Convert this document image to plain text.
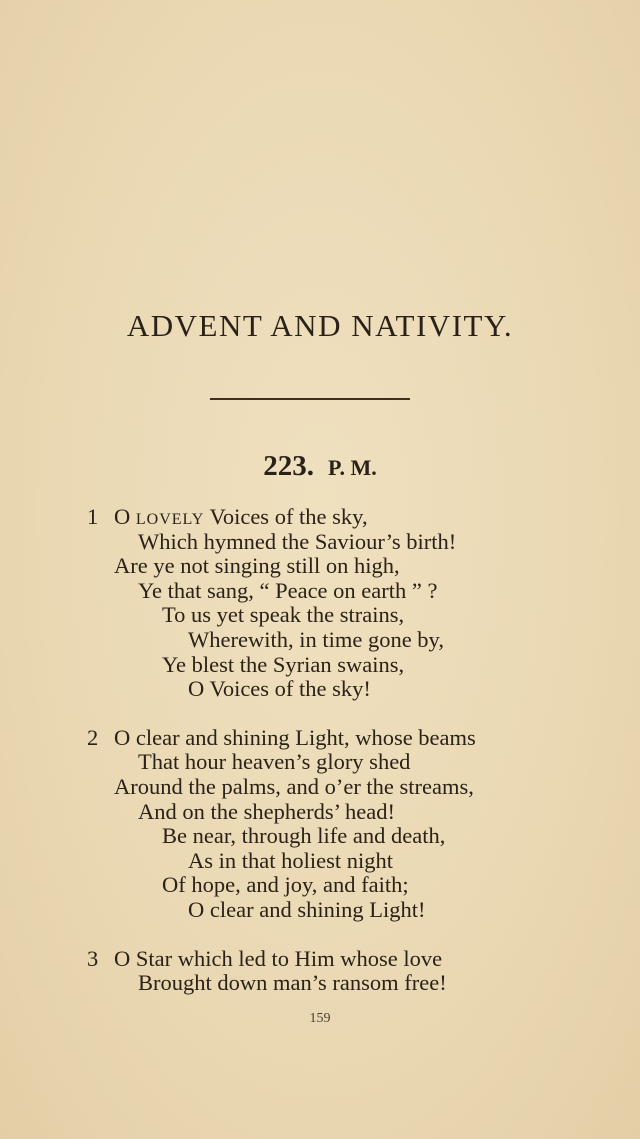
ADVENT AND NATIVITY.
223. P. M.
1 O lovely Voices of the sky,
Which hymned the Saviour’s birth!
Are ye not singing still on high,
Ye that sang, “ Peace on earth ” ?
To us yet speak the strains,
Wherewith, in time gone by,
Ye blest the Syrian swains,
O Voices of the sky!
2 O clear and shining Light, whose beams
That hour heaven’s glory shed
Around the palms, and o’er the streams,
And on the shepherds’ head!
Be near, through life and death,
As in that holiest night
Of hope, and joy, and faith;
O clear and shining Light!
3 O Star which led to Him whose love
Brought down man’s ransom free!
159
